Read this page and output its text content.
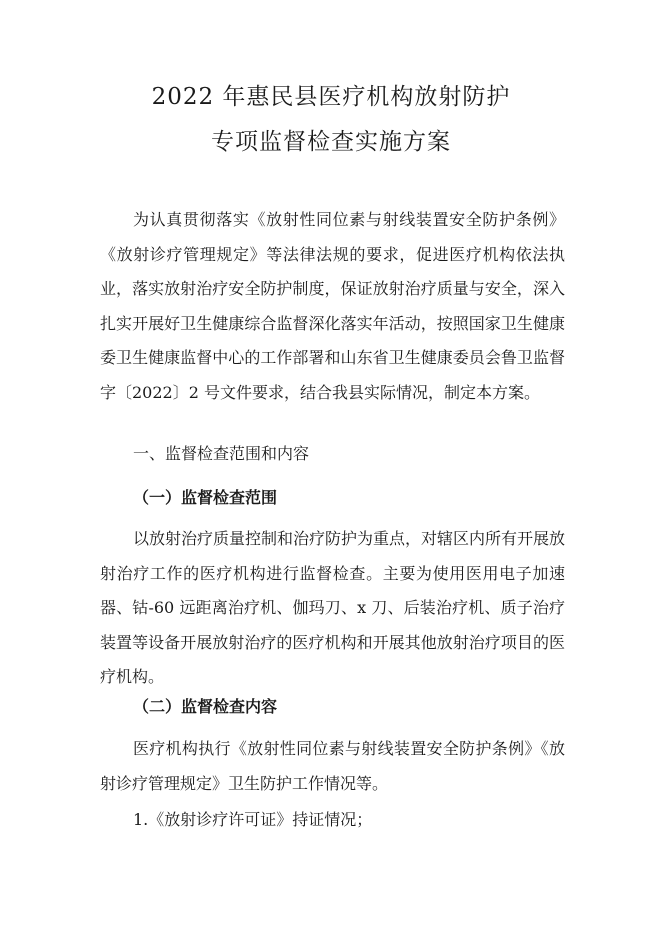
2022 年惠民县医疗机构放射防护
专项监督检查实施方案
为认真贯彻落实《放射性同位素与射线装置安全防护条例》《放射诊疗管理规定》等法律法规的要求，促进医疗机构依法执业，落实放射治疗安全防护制度，保证放射治疗质量与安全，深入扎实开展好卫生健康综合监督深化落实年活动，按照国家卫生健康委卫生健康监督中心的工作部署和山东省卫生健康委员会鲁卫监督字〔2022〕2 号文件要求，结合我县实际情况，制定本方案。
一、监督检查范围和内容
（一）监督检查范围
以放射治疗质量控制和治疗防护为重点，对辖区内所有开展放射治疗工作的医疗机构进行监督检查。主要为使用医用电子加速器、钴-60 远距离治疗机、伽玛刀、x 刀、后装治疗机、质子治疗装置等设备开展放射治疗的医疗机构和开展其他放射治疗项目的医疗机构。
（二）监督检查内容
医疗机构执行《放射性同位素与射线装置安全防护条例》《放射诊疗管理规定》卫生防护工作情况等。
1.《放射诊疗许可证》持证情况；
